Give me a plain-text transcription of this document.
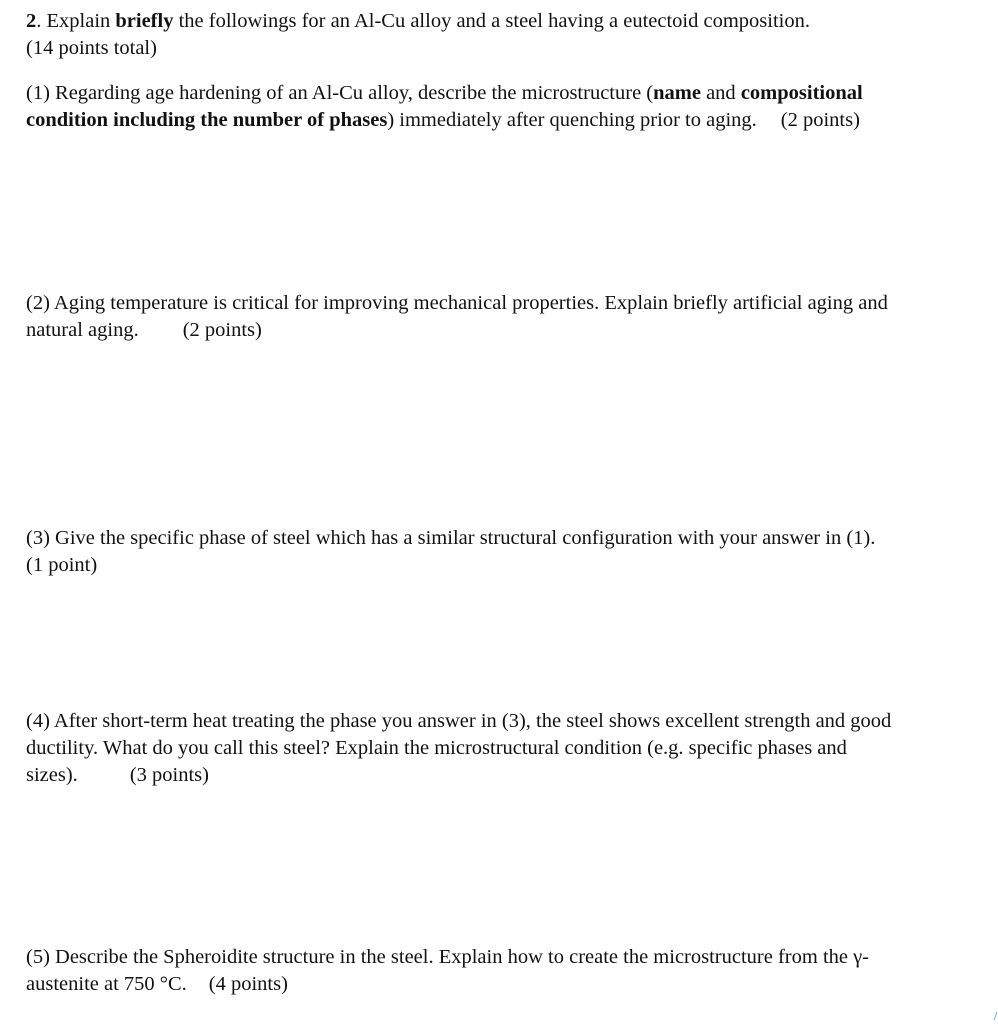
2. Explain briefly the followings for an Al-Cu alloy and a steel having a eutectoid composition.
(14 points total)
(1) Regarding age hardening of an Al-Cu alloy, describe the microstructure (name and compositional
condition including the number of phases) immediately after quenching prior to aging. (2 points)
(2) Aging temperature is critical for improving mechanical properties. Explain briefly artificial aging and
natural aging. (2 points)
(3) Give the specific phase of steel which has a similar structural configuration with your answer in (1).
(1 point)
(4) After short-term heat treating the phase you answer in (3), the steel shows excellent strength and good
ductility. What do you call this steel? Explain the microstructural condition (e.g. specific phases and
sizes).	(3 points)
(5) Describe the Spheroidite structure in the steel. Explain how to create the microstructure from the γ-
austenite at 750 °C. (4 points)
